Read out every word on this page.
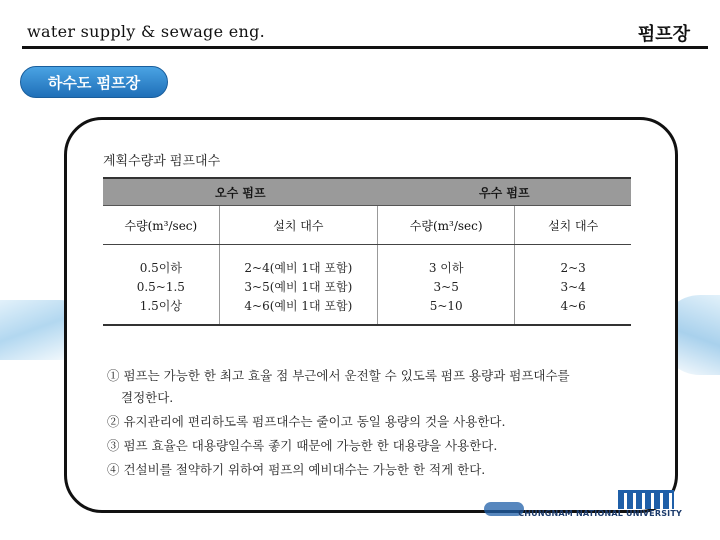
water supply & sewage eng.	펌프장
하수도 펌프장
계획수량과 펌프대수
오수 펌프		우수 펌프	
수량(m³/sec)	설치 대수	수량(m³/sec)	설치 대수
0.5이하	2~4(예비 1대 포함)	3 이하	2~3
0.5~1.5	3~5(예비 1대 포함)	3~5	3~4
1.5이상	4~6(예비 1대 포함)	5~10	4~6
① 펌프는 가능한 한 최고 효율 점 부근에서 운전할 수 있도록 펌프 용량과 펌프대수를
결정한다.
② 유지관리에 편리하도록 펌프대수는 줄이고 동일 용량의 것을 사용한다.
③ 펌프 효율은 대용량일수록 좋기 때문에 가능한 한 대용량을 사용한다.
④ 건설비를 절약하기 위하여 펌프의 예비대수는 가능한 한 적게 한다.
CHUNGNAM NATIONAL UNIVERSITY
